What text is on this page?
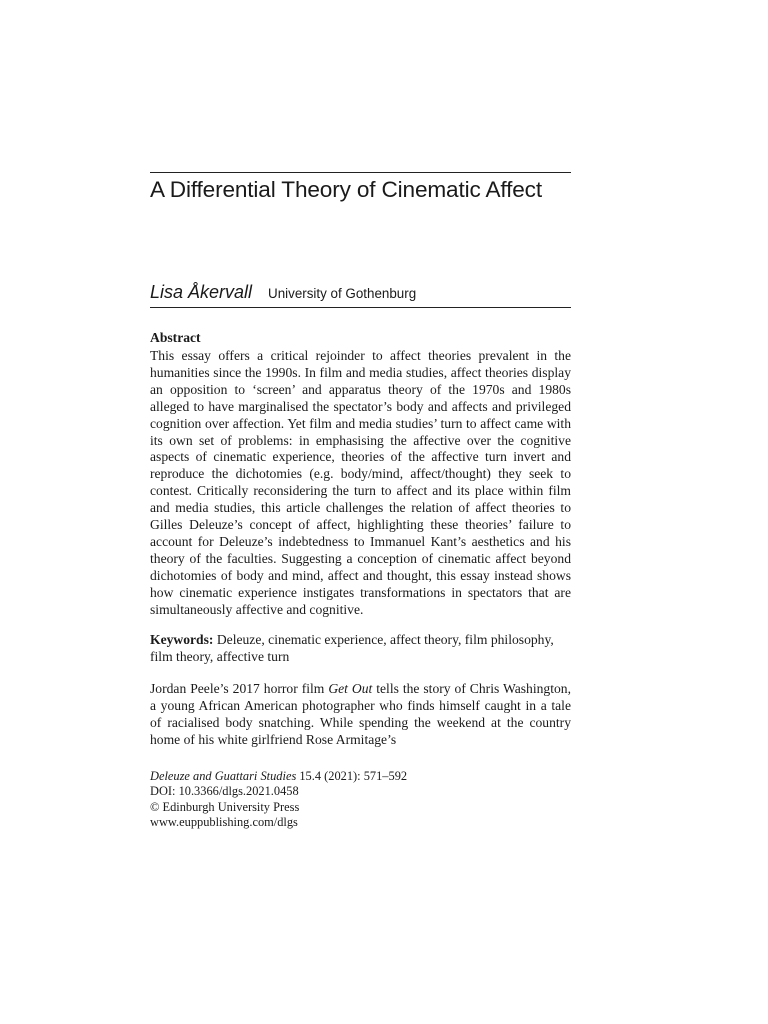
A Differential Theory of Cinematic Affect
Lisa Åkervall University of Gothenburg
Abstract
This essay offers a critical rejoinder to affect theories prevalent in the humanities since the 1990s. In film and media studies, affect theories display an opposition to ‘screen’ and apparatus theory of the 1970s and 1980s alleged to have marginalised the spectator’s body and affects and privileged cognition over affection. Yet film and media studies’ turn to affect came with its own set of problems: in emphasising the affective over the cognitive aspects of cinematic experience, theories of the affective turn invert and reproduce the dichotomies (e.g. body/mind, affect/thought) they seek to contest. Critically reconsidering the turn to affect and its place within film and media studies, this article challenges the relation of affect theories to Gilles Deleuze’s concept of affect, highlighting these theories’ failure to account for Deleuze’s indebtedness to Immanuel Kant’s aesthetics and his theory of the faculties. Suggesting a conception of cinematic affect beyond dichotomies of body and mind, affect and thought, this essay instead shows how cinematic experience instigates transformations in spectators that are simultaneously affective and cognitive.
Keywords: Deleuze, cinematic experience, affect theory, film philosophy, film theory, affective turn
Jordan Peele’s 2017 horror film Get Out tells the story of Chris Washington, a young African American photographer who finds himself caught in a tale of racialised body snatching. While spending the weekend at the country home of his white girlfriend Rose Armitage’s
Deleuze and Guattari Studies 15.4 (2021): 571–592
DOI: 10.3366/dlgs.2021.0458
© Edinburgh University Press
www.euppublishing.com/dlgs
